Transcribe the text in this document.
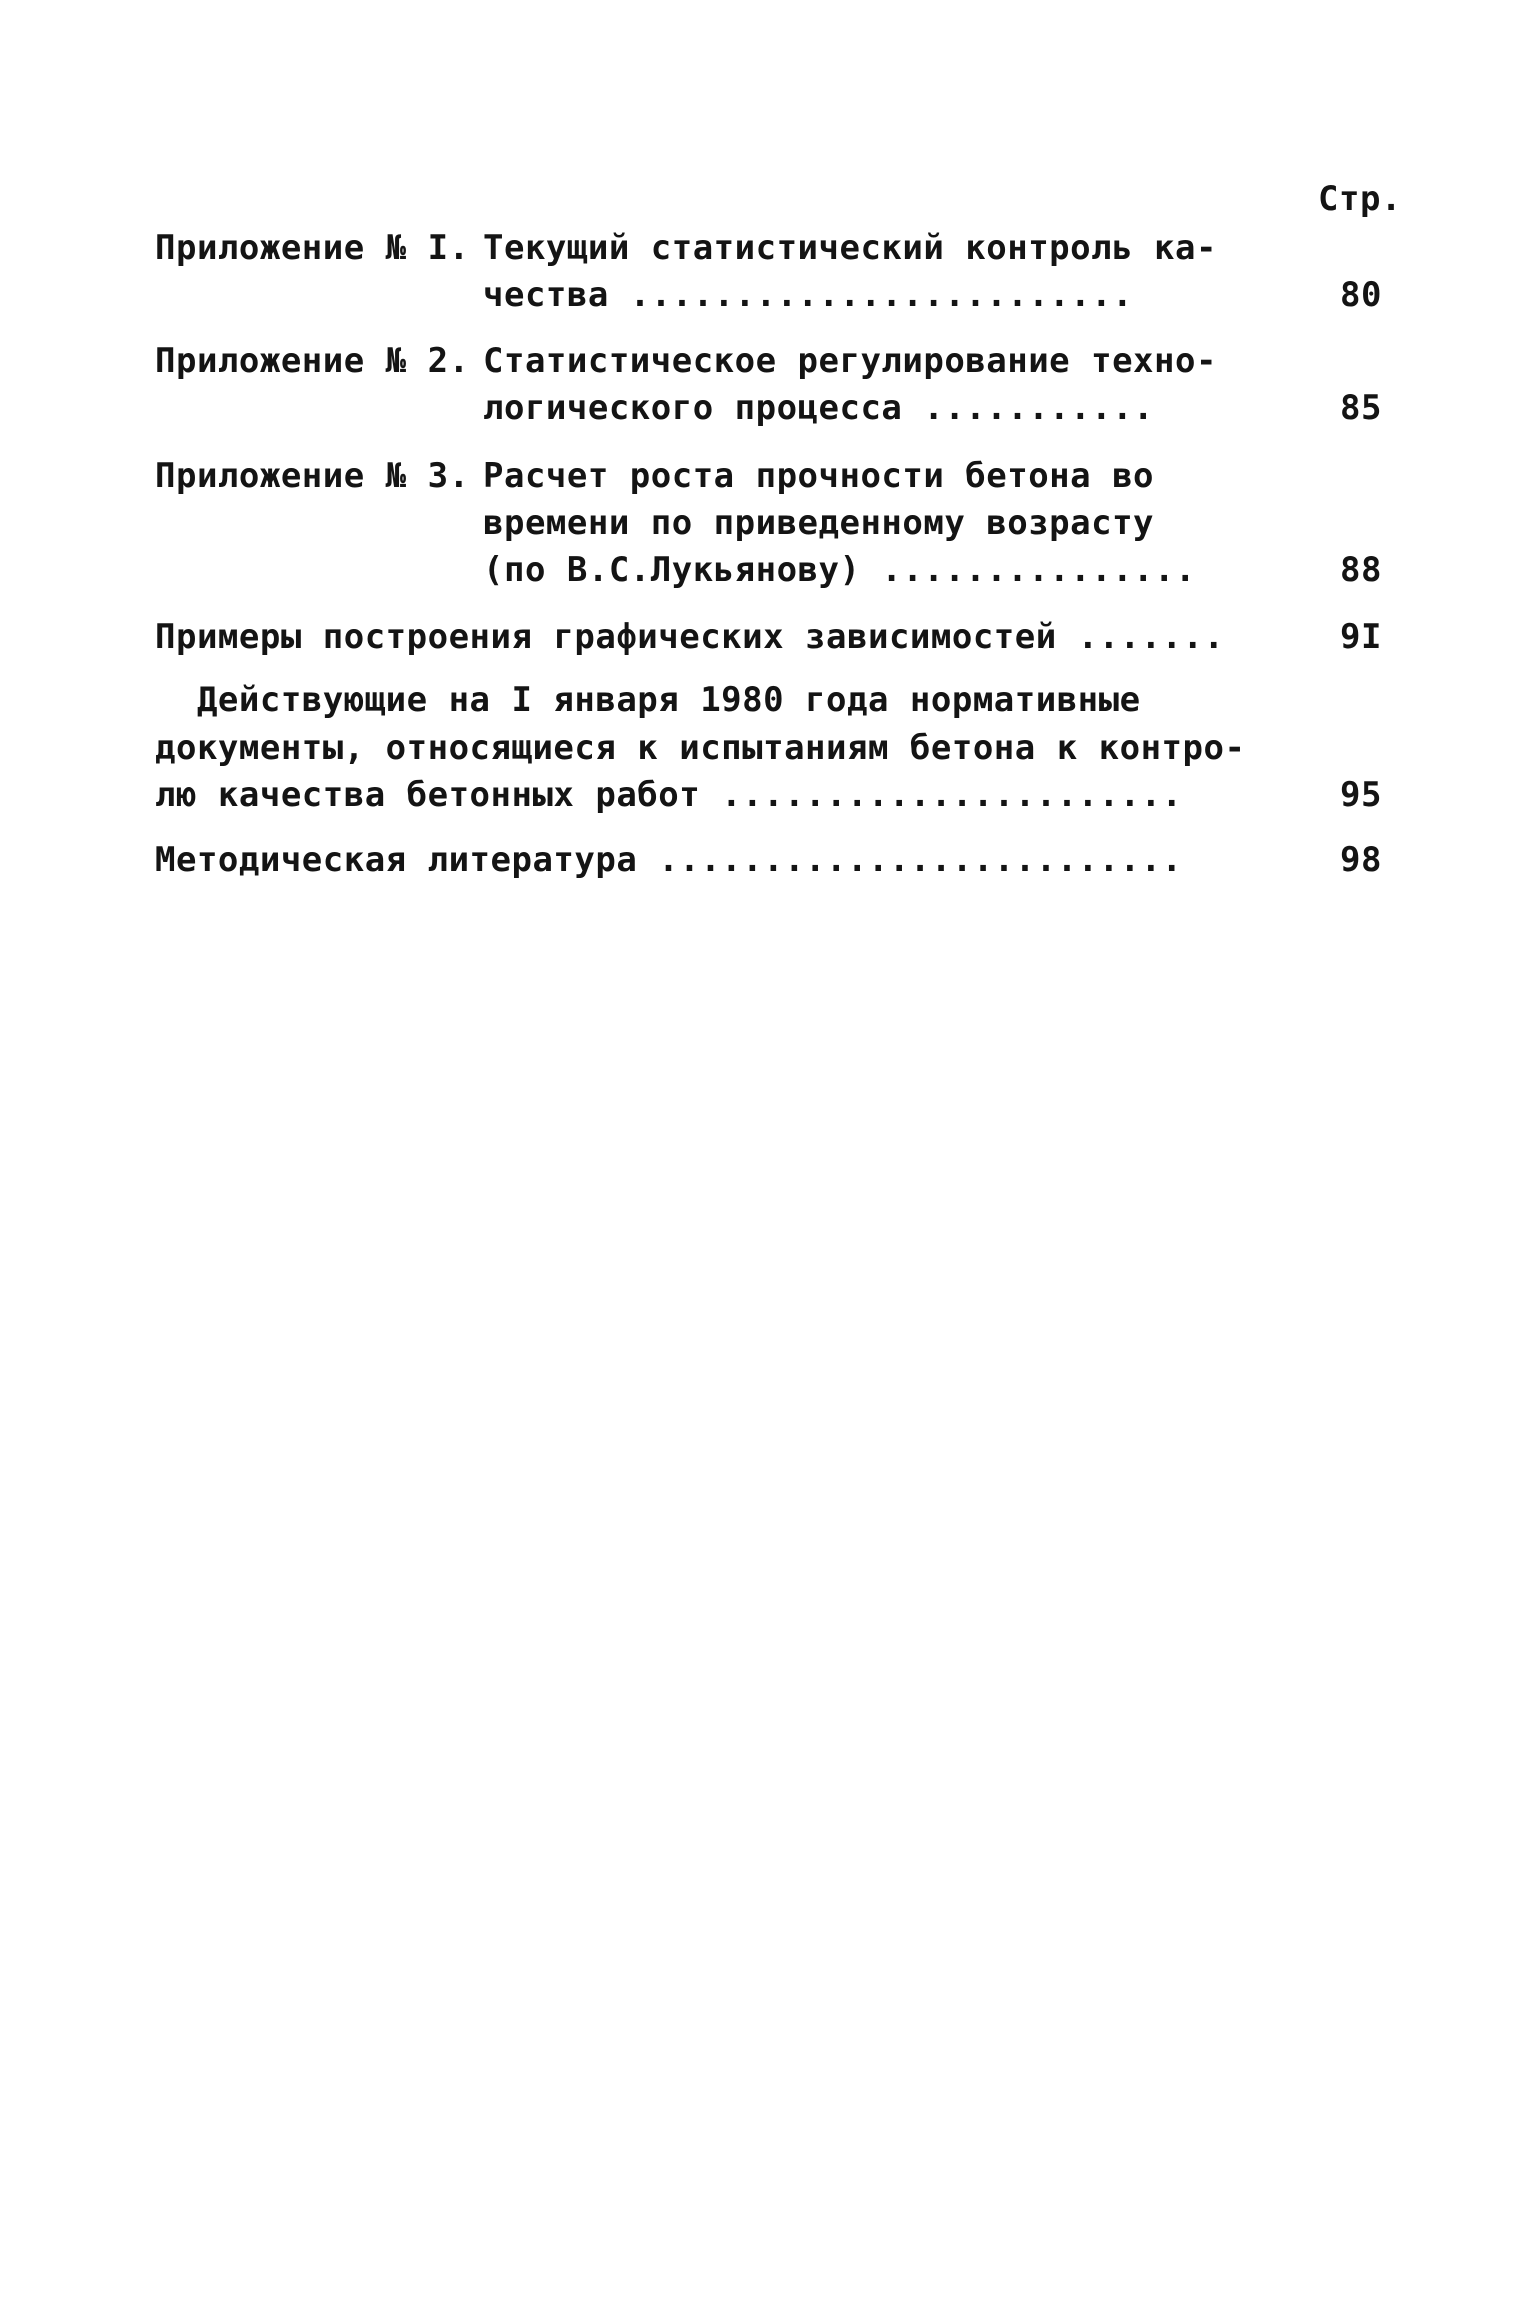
Стр.
Приложение № I. Текущий статистический контроль ка-
чества ........................	80
Приложение № 2. Статистическое регулирование техно-
логического процесса ...........	85
Приложение № 3. Расчет роста прочности бетона во
времени по приведенному возрасту
(по В.С.Лукьянову) ...............	88
Примеры построения графических зависимостей .......	9I
Действующие на I января 1980 года нормативные
документы, относящиеся к испытаниям бетона к контро-
лю качества бетонных работ ......................	95
Методическая литература .........................	98
